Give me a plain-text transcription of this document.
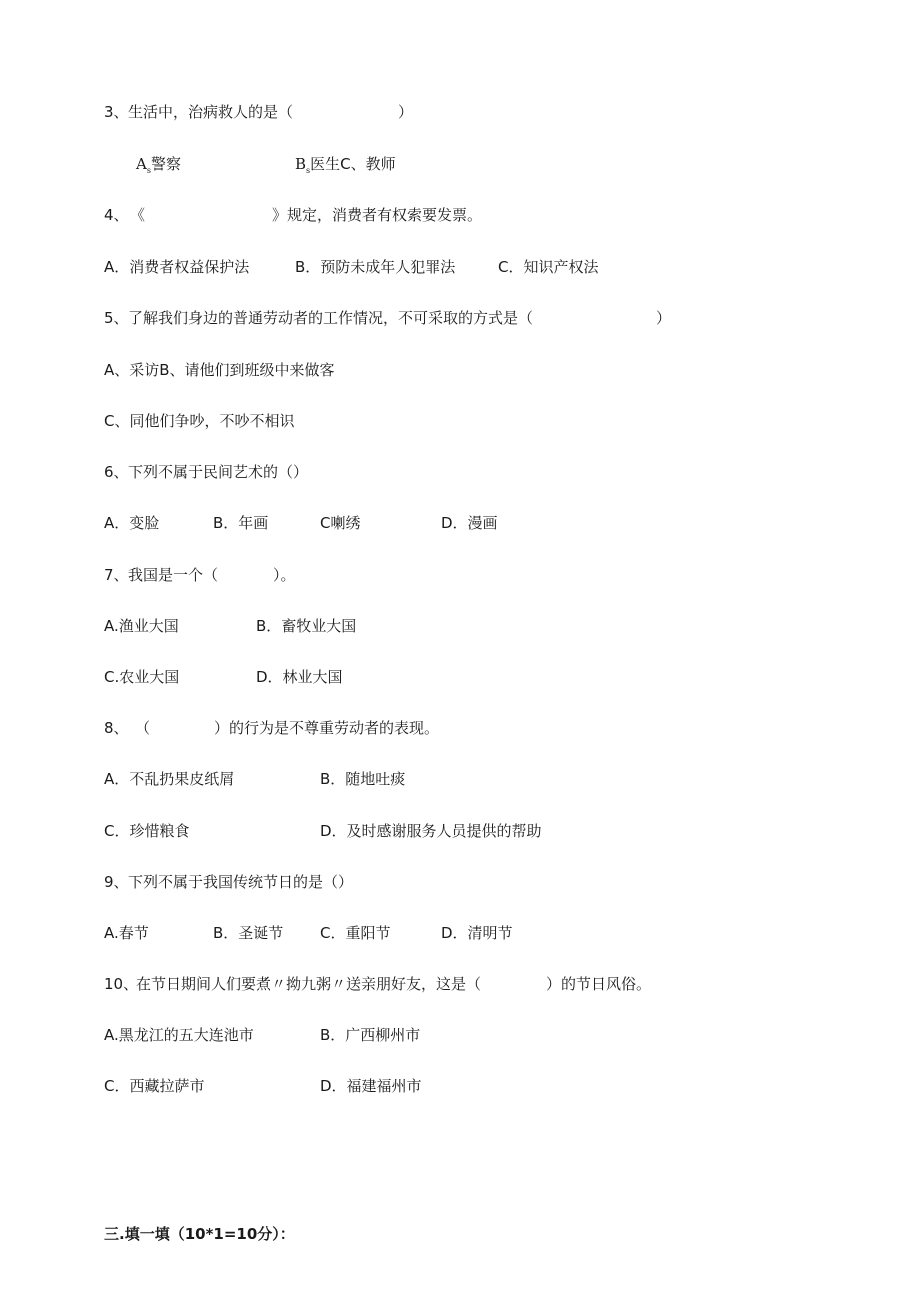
3、

生活中，治病救人的是（

	）

$A_s$警察

	$B_s$医生C、教师

4、

《

	》规定，消费者有权索要发票。

A．消费者权益保护法

	B．预防未成年人犯罪法

	C．知识产权法

5、

了解我们身边的普通劳动者的工作情况，不可采取的方式是（

	）

A、采访B、请他们到班级中来做客

C、同他们争吵，不吵不相识

6、

下列不属于民间艺术的（）

A．变脸

	B．年画

	C喇绣

	D．漫画

7、

我国是一个（

	）。

A.渔业大国

	B．畜牧业大国

C.农业大国

	D．林业大国

8、

（

	）的行为是不尊重劳动者的表现。

A．不乱扔果皮纸屑

	B．随地吐痰

C．珍惜粮食

	D．及时感谢服务人员提供的帮助

9、

下列不属于我国传统节日的是（）

A.春节

	B．圣诞节

C．重阳节

	D．清明节

10、

在节日期间人们要煮〃拗九粥〃送亲朋好友，这是（

	）的节日风俗。

A.黑龙江的五大连池市

	B．广西柳州市

C．西藏拉萨市

	D．福建福州市

三.填一填（10*1=10分）：
